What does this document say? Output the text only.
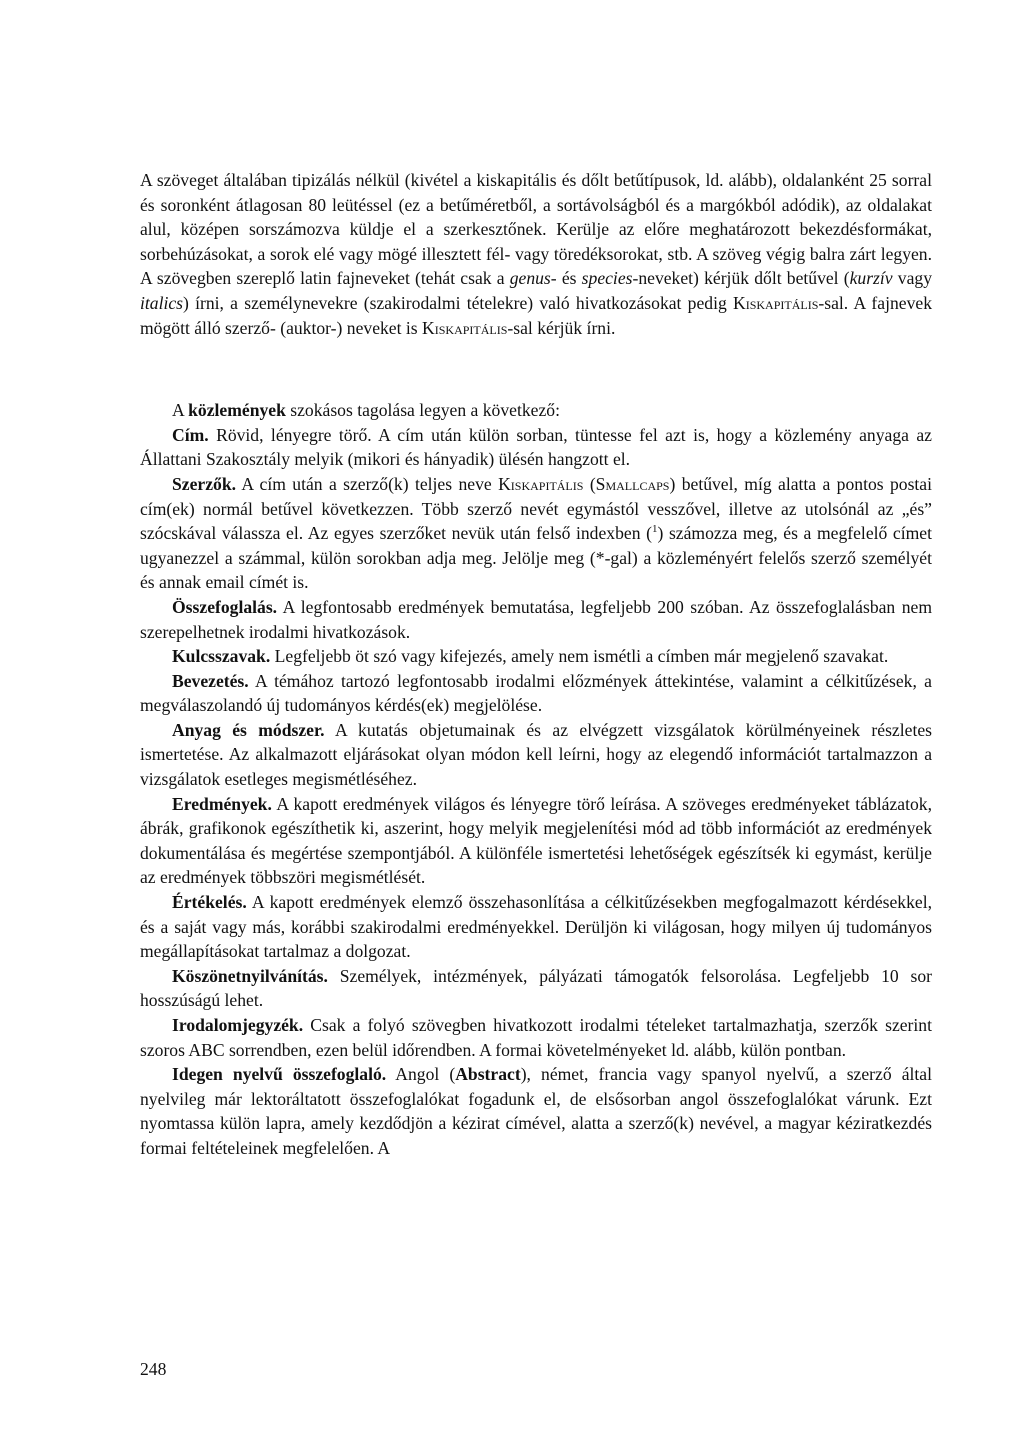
A szöveget általában tipizálás nélkül (kivétel a kiskapitális és dőlt betűtípusok, ld. alább), oldalanként 25 sorral és soronként átlagosan 80 leütéssel (ez a betűméretből, a sortávolságból és a margókból adódik), az oldalakat alul, középen sorszámozva küldje el a szerkesztőnek. Kerülje az előre meghatározott bekezdésformákat, sorbehúzásokat, a sorok elé vagy mögé illesztett fél- vagy töredéksorokat, stb. A szöveg végig balra zárt legyen. A szövegben szereplő latin fajneveket (tehát csak a genus- és species-neveket) kérjük dőlt betűvel (kurzív vagy italics) írni, a személynevekre (szakirodalmi tételekre) való hivatkozásokat pedig Kiskapitális-sal. A fajnevek mögött álló szerző- (auktor-) neveket is Kiskapitális-sal kérjük írni.

A közlemények szokásos tagolása legyen a következő:

Cím. Rövid, lényegre törő. A cím után külön sorban, tüntesse fel azt is, hogy a közlemény anyaga az Állattani Szakosztály melyik (mikori és hányadik) ülésén hangzott el.

Szerzők. A cím után a szerző(k) teljes neve Kiskapitális (Smallcaps) betűvel, míg alatta a pontos postai cím(ek) normál betűvel következzen. Több szerző nevét egymástól vesszővel, illetve az utolsónál az „és” szócskával válassza el. Az egyes szerzőket nevük után felső indexben ($^1$) számozza meg, és a megfelelő címet ugyanezzel a számmal, külön sorokban adja meg. Jelölje meg (*-gal) a közleményért felelős szerző személyét és annak email címét is.

Összefoglalás. A legfontosabb eredmények bemutatása, legfeljebb 200 szóban. Az összefoglalásban nem szerepelhetnek irodalmi hivatkozások.

Kulcsszavak. Legfeljebb öt szó vagy kifejezés, amely nem ismétli a címben már megjelenő szavakat.

Bevezetés. A témához tartozó legfontosabb irodalmi előzmények áttekintése, valamint a célkitűzések, a megválaszolandó új tudományos kérdés(ek) megjelölése.

Anyag és módszer. A kutatás objetumainak és az elvégzett vizsgálatok körülményeinek részletes ismertetése. Az alkalmazott eljárásokat olyan módon kell leírni, hogy az elegendő információt tartalmazzon a vizsgálatok esetleges megismétléséhez.

Eredmények. A kapott eredmények világos és lényegre törő leírása. A szöveges eredményeket táblázatok, ábrák, grafikonok egészíthetik ki, aszerint, hogy melyik megjelenítési mód ad több információt az eredmények dokumentálása és megértése szempontjából. A különféle ismertetési lehetőségek egészítsék ki egymást, kerülje az eredmények többszöri megismétlését.

Értékelés. A kapott eredmények elemző összehasonlítása a célkitűzésekben megfogalmazott kérdésekkel, és a saját vagy más, korábbi szakirodalmi eredményekkel. Derüljön ki világosan, hogy milyen új tudományos megállapításokat tartalmaz a dolgozat.

Köszönetnyilvánítás. Személyek, intézmények, pályázati támogatók felsorolása. Legfeljebb 10 sor hosszúságú lehet.

Irodalomjegyzék. Csak a folyó szövegben hivatkozott irodalmi tételeket tartalmazhatja, szerzők szerint szoros ABC sorrendben, ezen belül időrendben. A formai követelményeket ld. alább, külön pontban.

Idegen nyelvű összefoglaló. Angol (Abstract), német, francia vagy spanyol nyelvű, a szerző által nyelvileg már lektoráltatott összefoglalókat fogadunk el, de elsősorban angol összefoglalókat várunk. Ezt nyomtassa külön lapra, amely kezdődjön a kézirat címével, alatta a szerző(k) nevével, a magyar kéziratkezdés formai feltételeinek megfelelően. A

248
